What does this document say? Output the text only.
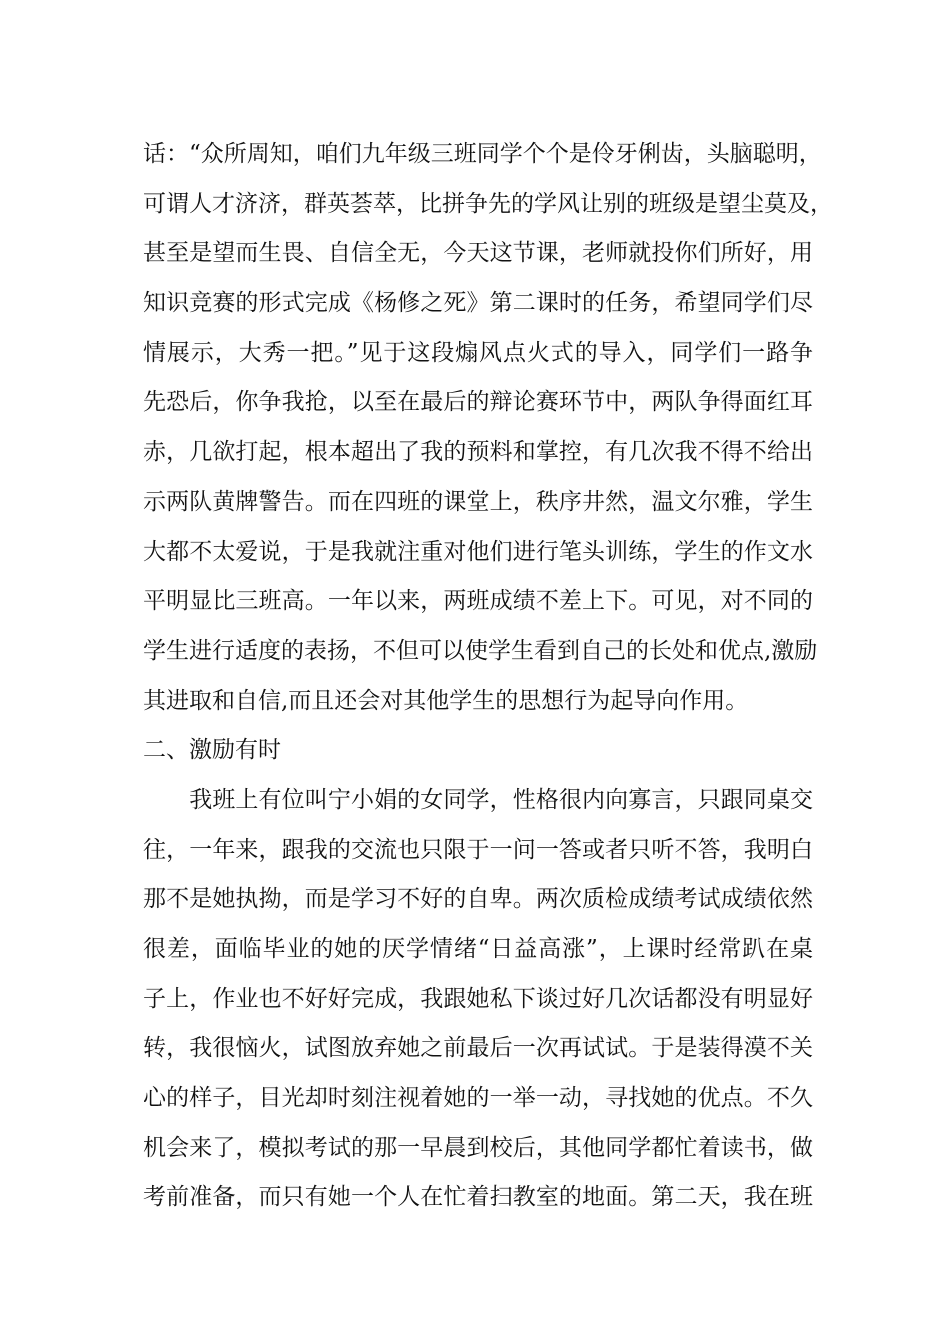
话：“众所周知，咱们九年级三班同学个个是伶牙俐齿，头脑聪明，
可谓人才济济，群英荟萃，比拼争先的学风让别的班级是望尘莫及，
甚至是望而生畏、自信全无，今天这节课，老师就投你们所好，用
知识竞赛的形式完成《杨修之死》第二课时的任务，希望同学们尽
情展示，大秀一把。”见于这段煽风点火式的导入，同学们一路争
先恐后，你争我抢，以至在最后的辩论赛环节中，两队争得面红耳
赤，几欲打起，根本超出了我的预料和掌控，有几次我不得不给出
示两队黄牌警告。而在四班的课堂上，秩序井然，温文尔雅，学生
大都不太爱说，于是我就注重对他们进行笔头训练，学生的作文水
平明显比三班高。一年以来，两班成绩不差上下。可见，对不同的
学生进行适度的表扬，不但可以使学生看到自己的长处和优点,激励
其进取和自信,而且还会对其他学生的思想行为起导向作用。
二、激励有时
　　我班上有位叫宁小娟的女同学，性格很内向寡言，只跟同桌交
往，一年来，跟我的交流也只限于一问一答或者只听不答，我明白
那不是她执拗，而是学习不好的自卑。两次质检成绩考试成绩依然
很差，面临毕业的她的厌学情绪“日益高涨”，上课时经常趴在桌
子上，作业也不好好完成，我跟她私下谈过好几次话都没有明显好
转，我很恼火，试图放弃她之前最后一次再试试。于是装得漠不关
心的样子，目光却时刻注视着她的一举一动，寻找她的优点。不久
机会来了，模拟考试的那一早晨到校后，其他同学都忙着读书，做
考前准备，而只有她一个人在忙着扫教室的地面。第二天，我在班
